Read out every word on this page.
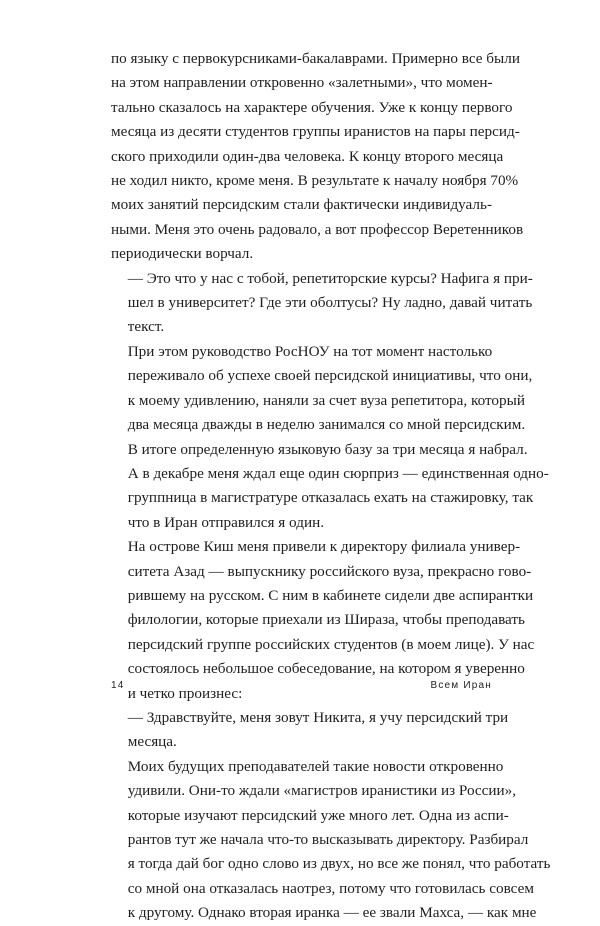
по языку с первокурсниками-бакалаврами. Примерно все были
на этом направлении откровенно «залетными», что момен-
тально сказалось на характере обучения. Уже к концу первого
месяца из десяти студентов группы иранистов на пары персид-
ского приходили один-два человека. К концу второго месяца
не ходил никто, кроме меня. В результате к началу ноября 70%
моих занятий персидским стали фактически индивидуаль-
ными. Меня это очень радовало, а вот профессор Веретенников
периодически ворчал.

— Это что у нас с тобой, репетиторские курсы? Нафига я при-
шел в университет? Где эти оболтусы? Ну ладно, давай читать
текст.

При этом руководство РосНОУ на тот момент настолько
переживало об успехе своей персидской инициативы, что они,
к моему удивлению, наняли за счет вуза репетитора, который
два месяца дважды в неделю занимался со мной персидским.
В итоге определенную языковую базу за три месяца я набрал.
А в декабре меня ждал еще один сюрприз — единственная одно-
группница в магистратуре отказалась ехать на стажировку, так
что в Иран отправился я один.

На острове Киш меня привели к директору филиала универ-
ситета Азад — выпускнику российского вуза, прекрасно гово-
рившему на русском. С ним в кабинете сидели две аспирантки
филологии, которые приехали из Шираза, чтобы преподавать
персидский группе российских студентов (в моем лице). У нас
состоялось небольшое собеседование, на котором я уверенно
и четко произнес:

— Здравствуйте, меня зовут Никита, я учу персидский три
месяца.

Моих будущих преподавателей такие новости откровенно
удивили. Они-то ждали «магистров иранистики из России»,
которые изучают персидский уже много лет. Одна из аспи-
рантов тут же начала что-то высказывать директору. Разбирал
я тогда дай бог одно слово из двух, но все же понял, что работать
со мной она отказалась наотрез, потому что готовилась совсем
к другому. Однако вторая иранка — ее звали Махса, — как мне

14	Всем Иран
